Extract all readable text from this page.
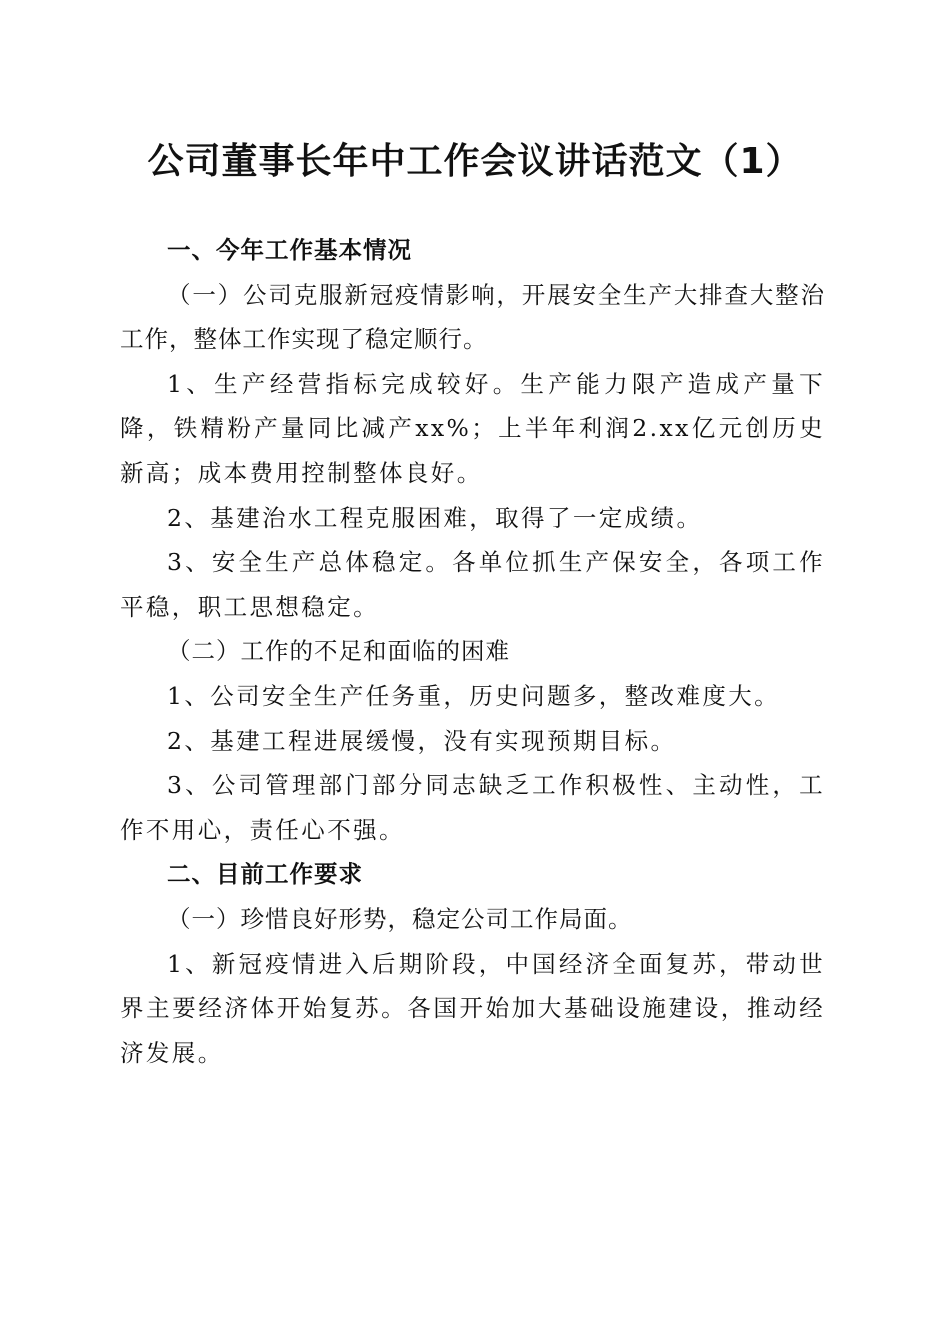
公司董事长年中工作会议讲话范文（1）

一、今年工作基本情况

（一）公司克服新冠疫情影响，开展安全生产大排查大整治工作，整体工作实现了稳定顺行。

1、生产经营指标完成较好。生产能力限产造成产量下降，铁精粉产量同比减产xx%；上半年利润2.xx亿元创历史新高；成本费用控制整体良好。

2、基建治水工程克服困难，取得了一定成绩。

3、安全生产总体稳定。各单位抓生产保安全，各项工作平稳，职工思想稳定。

（二）工作的不足和面临的困难

1、公司安全生产任务重，历史问题多，整改难度大。

2、基建工程进展缓慢，没有实现预期目标。

3、公司管理部门部分同志缺乏工作积极性、主动性，工作不用心，责任心不强。

二、目前工作要求

（一）珍惜良好形势，稳定公司工作局面。

1、新冠疫情进入后期阶段，中国经济全面复苏，带动世界主要经济体开始复苏。各国开始加大基础设施建设，推动经济发展。
